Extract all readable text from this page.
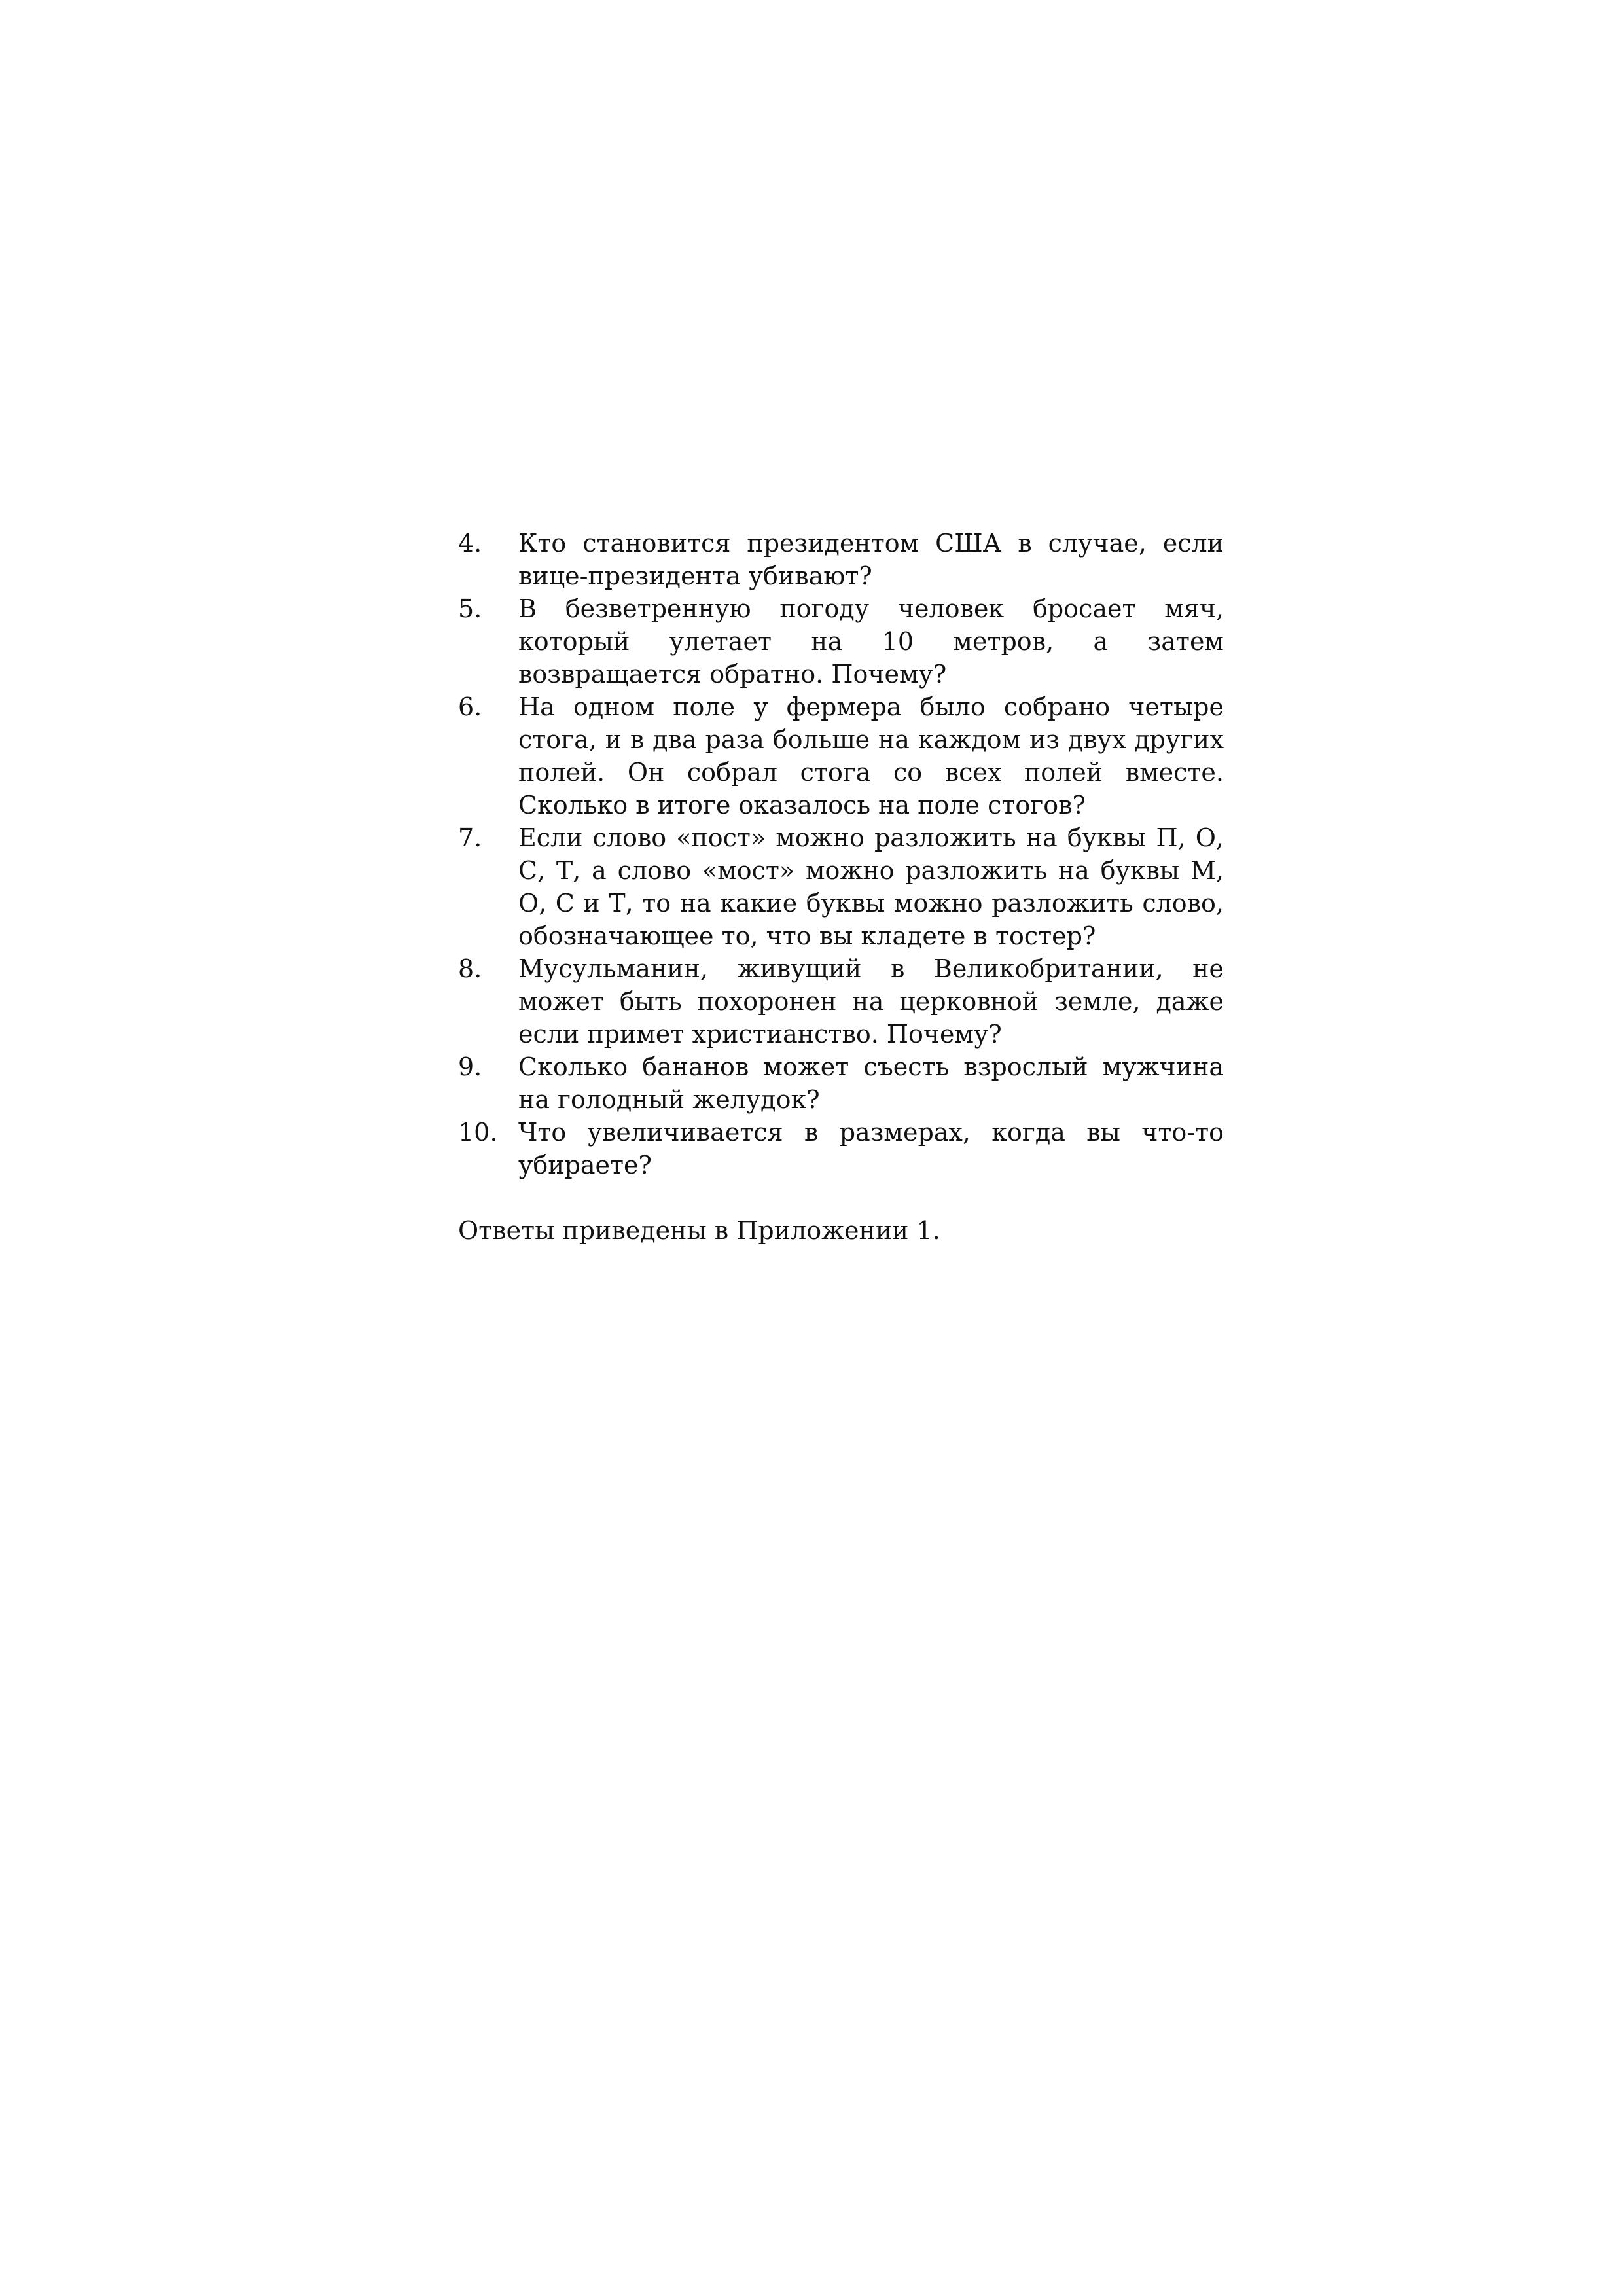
4.	Кто становится президентом США в случае, если вице-президента убивают?
5.	В безветренную погоду человек бросает мяч, который улетает на 10 метров, а затем возвращается обратно. Почему?
6.	На одном поле у фермера было собрано четыре стога, и в два раза больше на каждом из двух других полей. Он собрал стога со всех полей вместе. Сколько в итоге оказалось на поле стогов?
7.	Если слово «пост» можно разложить на буквы П, О, С, Т, а слово «мост» можно разложить на буквы М, О, С и Т, то на какие буквы можно разложить слово, обозначающее то, что вы кладете в тостер?
8.	Мусульманин, живущий в Великобритании, не может быть похоронен на церковной земле, даже если примет христианство. Почему?
9.	Сколько бананов может съесть взрослый мужчина на голодный желудок?
10. Что увеличивается в размерах, когда вы что-то убираете?

Ответы приведены в Приложении 1.
